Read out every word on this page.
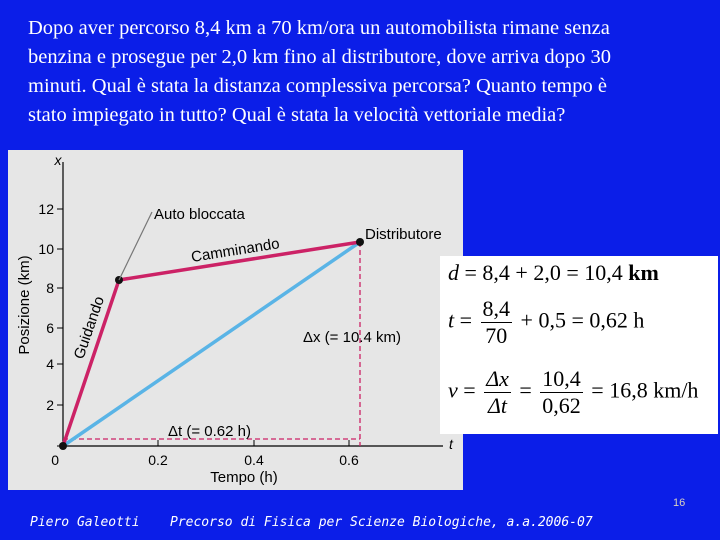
Dopo aver percorso 8,4 km a 70 km/ora un automobilista rimane senza
benzina e prosegue per 2,0 km fino al distributore, dove arriva dopo 30
minuti. Qual è stata la distanza complessiva percorsa? Quanto tempo è
stato impiegato in tutto? Qual è stata la velocità vettoriale media?
x
t
0
2
4
6
8
10
12
0.2	0.4	0.6
Posizione (km)
Tempo (h)
Auto bloccata
Distributore
Camminando
Guidando	Δx (= 10.4 km)
Δt (= 0.62 h)
d = 8,4 + 2,0 = 10,4 km
$t = \frac{8,4}{70} + 0,5 = 0,62$ h
$v = \frac{\Delta x}{\Delta t} = \frac{10,4}{0,62} = 16,8$ km/h
Piero Galeotti Precorso di Fisica per Scienze Biologiche, a.a.2006-07
16
